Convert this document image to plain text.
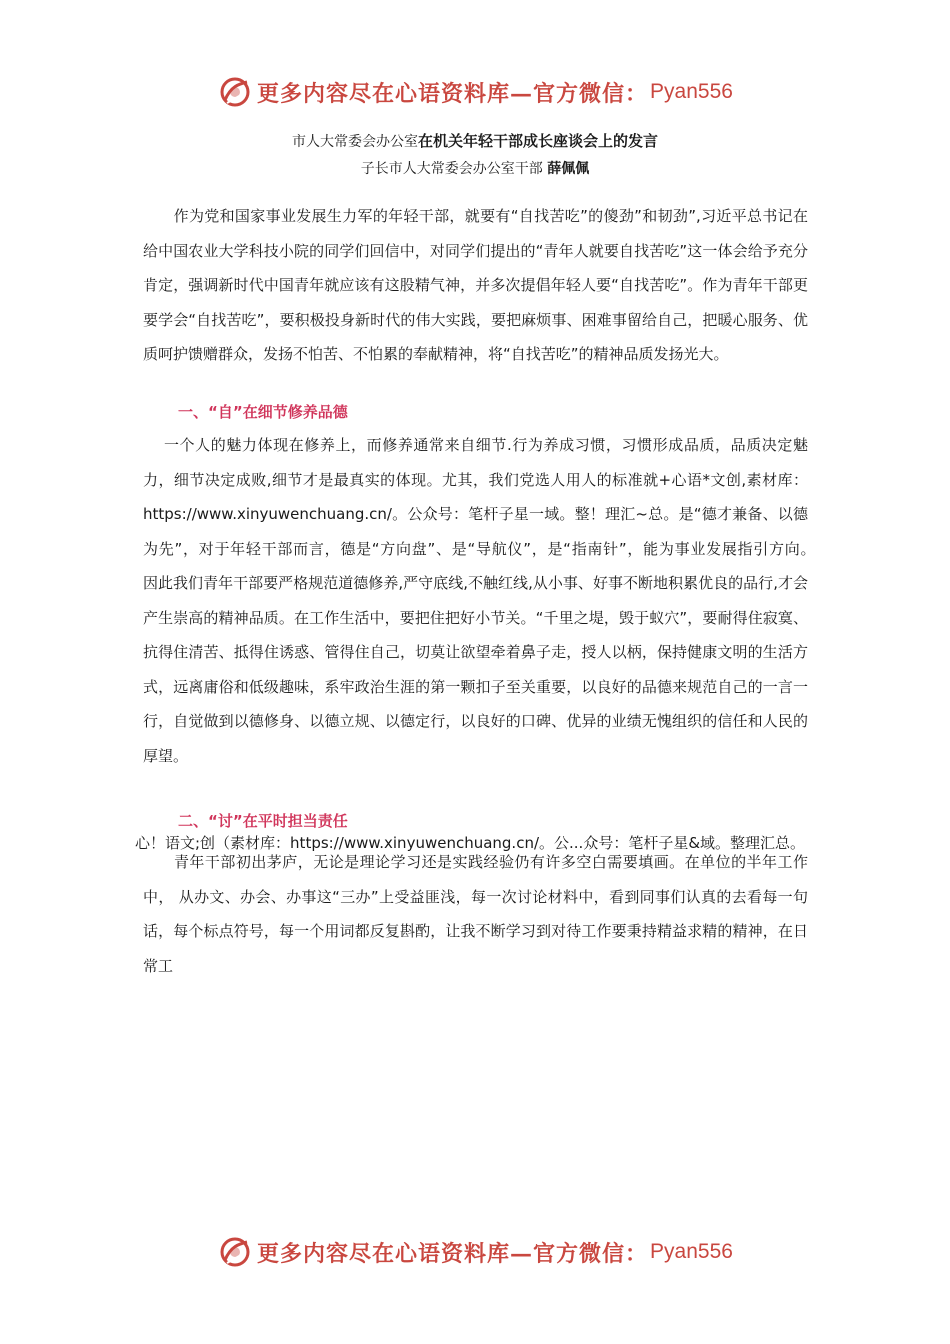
更多内容尽在心语资料库—官方微信： Pyan556
市人大常委会办公室在机关年轻干部成长座谈会上的发言
子长市人大常委会办公室干部 薛佩佩

　　作为党和国家事业发展生力军的年轻干部，就要有“自找苦吃”的傻劲”和韧劲”,习近平总书记在给中国农业大学科技小院的同学们回信中，对同学们提出的“青年人就要自找苦吃”这一体会给予充分肯定，强调新时代中国青年就应该有这股精气神，并多次提倡年轻人要“自找苦吃”。作为青年干部更要学会“自找苦吃”，要积极投身新时代的伟大实践，要把麻烦事、困难事留给自己，把暖心服务、优质呵护馈赠群众，发扬不怕苦、不怕累的奉献精神，将“自找苦吃”的精神品质发扬光大。

一、“自”在细节修养品德

　 一个人的魅力体现在修养上，而修养通常来自细节.行为养成习惯，习惯形成品质，品质决定魅力，细节决定成败,细节才是最真实的体现。尤其，我们党选人用人的标准就+心语*文创,素材库：https://www.xinyuwenchuang.cn/。公众号：笔杆子星一域。整！理汇~总。是“德才兼备、以德为先”，对于年轻干部而言，德是“方向盘”、是“导航仪”，是“指南针”，能为事业发展指引方向。　 因此我们青年干部要严格规范道德修养,严守底线,不触红线,从小事、好事不断地积累优良的品行,才会产生崇高的精神品质。在工作生活中，要把住把好小节关。“千里之堤，毁于蚁穴”，要耐得住寂寞、抗得住清苦、抵得住诱惑、管得住自己，切莫让欲望牵着鼻子走，授人以柄，保持健康文明的生活方式，远离庸俗和低级趣味，系牢政治生涯的第一颗扣子至关重要，以良好的品德来规范自己的一言一行，自觉做到以德修身、以德立规、以德定行，以良好的口碑、优异的业绩无愧组织的信任和人民的厚望。

二、“讨”在平时担当责任
心！语文;创（素材库：https://www.xinyuwenchuang.cn/。公...众号：笔杆子星&域。整理汇总。

　　青年干部初出茅庐，无论是理论学习还是实践经验仍有许多空白需要填画。在单位的半年工作中， 从办文、办会、办事这“三办”上受益匪浅，每一次讨论材料中，看到同事们认真的去看每一句话，每个标点符号，每一个用词都反复斟酌，让我不断学习到对待工作要秉持精益求精的精神，在日常工

更多内容尽在心语资料库—官方微信： Pyan556
